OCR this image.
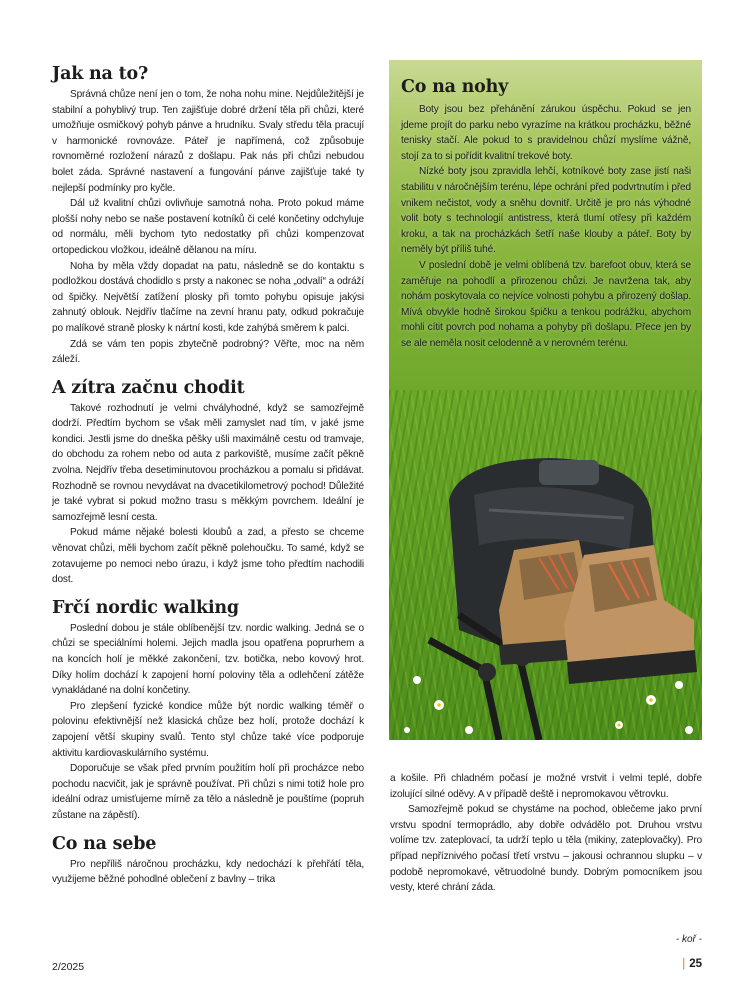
Jak na to?

Správná chůze není jen o tom, že noha nohu mine. Nejdůležitější je stabilní a pohyblivý trup. Ten zajišťuje dobré držení těla při chůzi, které umožňuje osmičkový pohyb pánve a hrudníku. Svaly středu těla pracují v harmonické rovnováze. Páteř je napřímená, což způsobuje rovnoměrné rozložení nárazů z došlapu. Pak nás při chůzi nebudou bolet záda. Správné nastavení a fungování pánve zajišťuje také ty nejlepší podmínky pro kyčle.

Dál už kvalitní chůzi ovlivňuje samotná noha. Proto pokud máme plošší nohy nebo se naše postavení kotníků či celé končetiny odchyluje od normálu, měli bychom tyto nedostatky při chůzi kompenzovat ortopedickou vložkou, ideálně dělanou na míru.

Noha by měla vždy dopadat na patu, následně se do kontaktu s podložkou dostává chodidlo s prsty a nakonec se noha „odvalí“ a odráží od špičky. Největší zatížení plosky při tomto pohybu opisuje jakýsi zahnutý oblouk. Nejdřív tlačíme na zevní hranu paty, odkud pokračuje po malíkové straně plosky k nártní kosti, kde zahýbá směrem k palci.

Zdá se vám ten popis zbytečně podrobný? Věřte, moc na něm záleží.

A zítra začnu chodit

Takové rozhodnutí je velmi chvályhodné, když se samozřejmě dodrží. Předtím bychom se však měli zamyslet nad tím, v jaké jsme kondici. Jestli jsme do dneška pěšky ušli maximálně cestu od tramvaje, do obchodu za rohem nebo od auta z parkoviště, musíme začít pěkně zvolna. Nejdřív třeba desetiminutovou procházkou a pomalu si přidávat. Rozhodně se rovnou nevydávat na dvacetikilometrový pochod! Důležité je také vybrat si pokud možno trasu s měkkým povrchem. Ideální je samozřejmě lesní cesta.

Pokud máme nějaké bolesti kloubů a zad, a přesto se chceme věnovat chůzi, měli bychom začít pěkně polehoučku. To samé, když se zotavujeme po nemoci nebo úrazu, i když jsme toho předtím nachodili dost.

Frčí nordic walking

Poslední dobou je stále oblíbenější tzv. nordic walking. Jedná se o chůzi se speciálními holemi. Jejich madla jsou opatřena poprurhem a na koncích holí je měkké zakončení, tzv. botička, nebo kovový hrot. Díky holím dochází k zapojení horní poloviny těla a odlehčení zátěže vynakládané na dolní končetiny.

Pro zlepšení fyzické kondice může být nordic walking téměř o polovinu efektivnější než klasická chůze bez holí, protože dochází k zapojení větší skupiny svalů. Tento styl chůze také více podporuje aktivitu kardiovaskulárního systému.

Doporučuje se však před prvním použitím holí při procházce nebo pochodu nacvičit, jak je správně používat. Při chůzi s nimi totiž hole pro ideální odraz umisťujeme mírně za tělo a následně je pouštíme (popruh zůstane na zápěstí).

Co na sebe

Pro nepříliš náročnou procházku, kdy nedochází k přehřátí těla, využijeme běžné pohodlné oblečení z bavlny – trika

Co na nohy

Boty jsou bez přehánění zárukou úspěchu. Pokud se jen jdeme projít do parku nebo vyrazíme na krátkou procházku, běžné tenisky stačí. Ale pokud to s pravidelnou chůzí myslíme vážně, stojí za to si pořídit kvalitní trekové boty.

Nízké boty jsou zpravidla lehčí, kotníkové boty zase jistí naši stabilitu v náročnějším terénu, lépe ochrání před podvrtnutím i před vnikem nečistot, vody a sněhu dovnitř. Určitě je pro nás výhodné volit boty s technologií antistress, která tlumí otřesy při každém kroku, a tak na procházkách šetří naše klouby a páteř. Boty by neměly být příliš tuhé.

V poslední době je velmi oblíbená tzv. barefoot obuv, která se zaměřuje na pohodlí a přirozenou chůzi. Je navržena tak, aby nohám poskytovala co nejvíce volnosti pohybu a přirozený došlap. Mívá obvykle hodně širokou špičku a tenkou podrážku, abychom mohli cítit povrch pod nohama a pohyby při došlapu. Přece jen by se ale neměla nosit celodenně a v nerovném terénu.

a košile. Při chladném počasí je možné vrstvit i velmi teplé, dobře izolující silné oděvy. A v případě deště i nepromokavou větrovku.

Samozřejmě pokud se chystáme na pochod, oblečeme jako první vrstvu spodní termoprádlo, aby dobře odvádělo pot. Druhou vrstvu volíme tzv. zateplovací, ta udrží teplo u těla (mikiny, zateplovačky). Pro případ nepříznivého počasí třetí vrstvu – jakousi ochrannou slupku – v podobě nepromokavé, větruodolné bundy. Dobrým pomocníkem jsou vesty, které chrání záda.

- koř -
2/2025	| 25
